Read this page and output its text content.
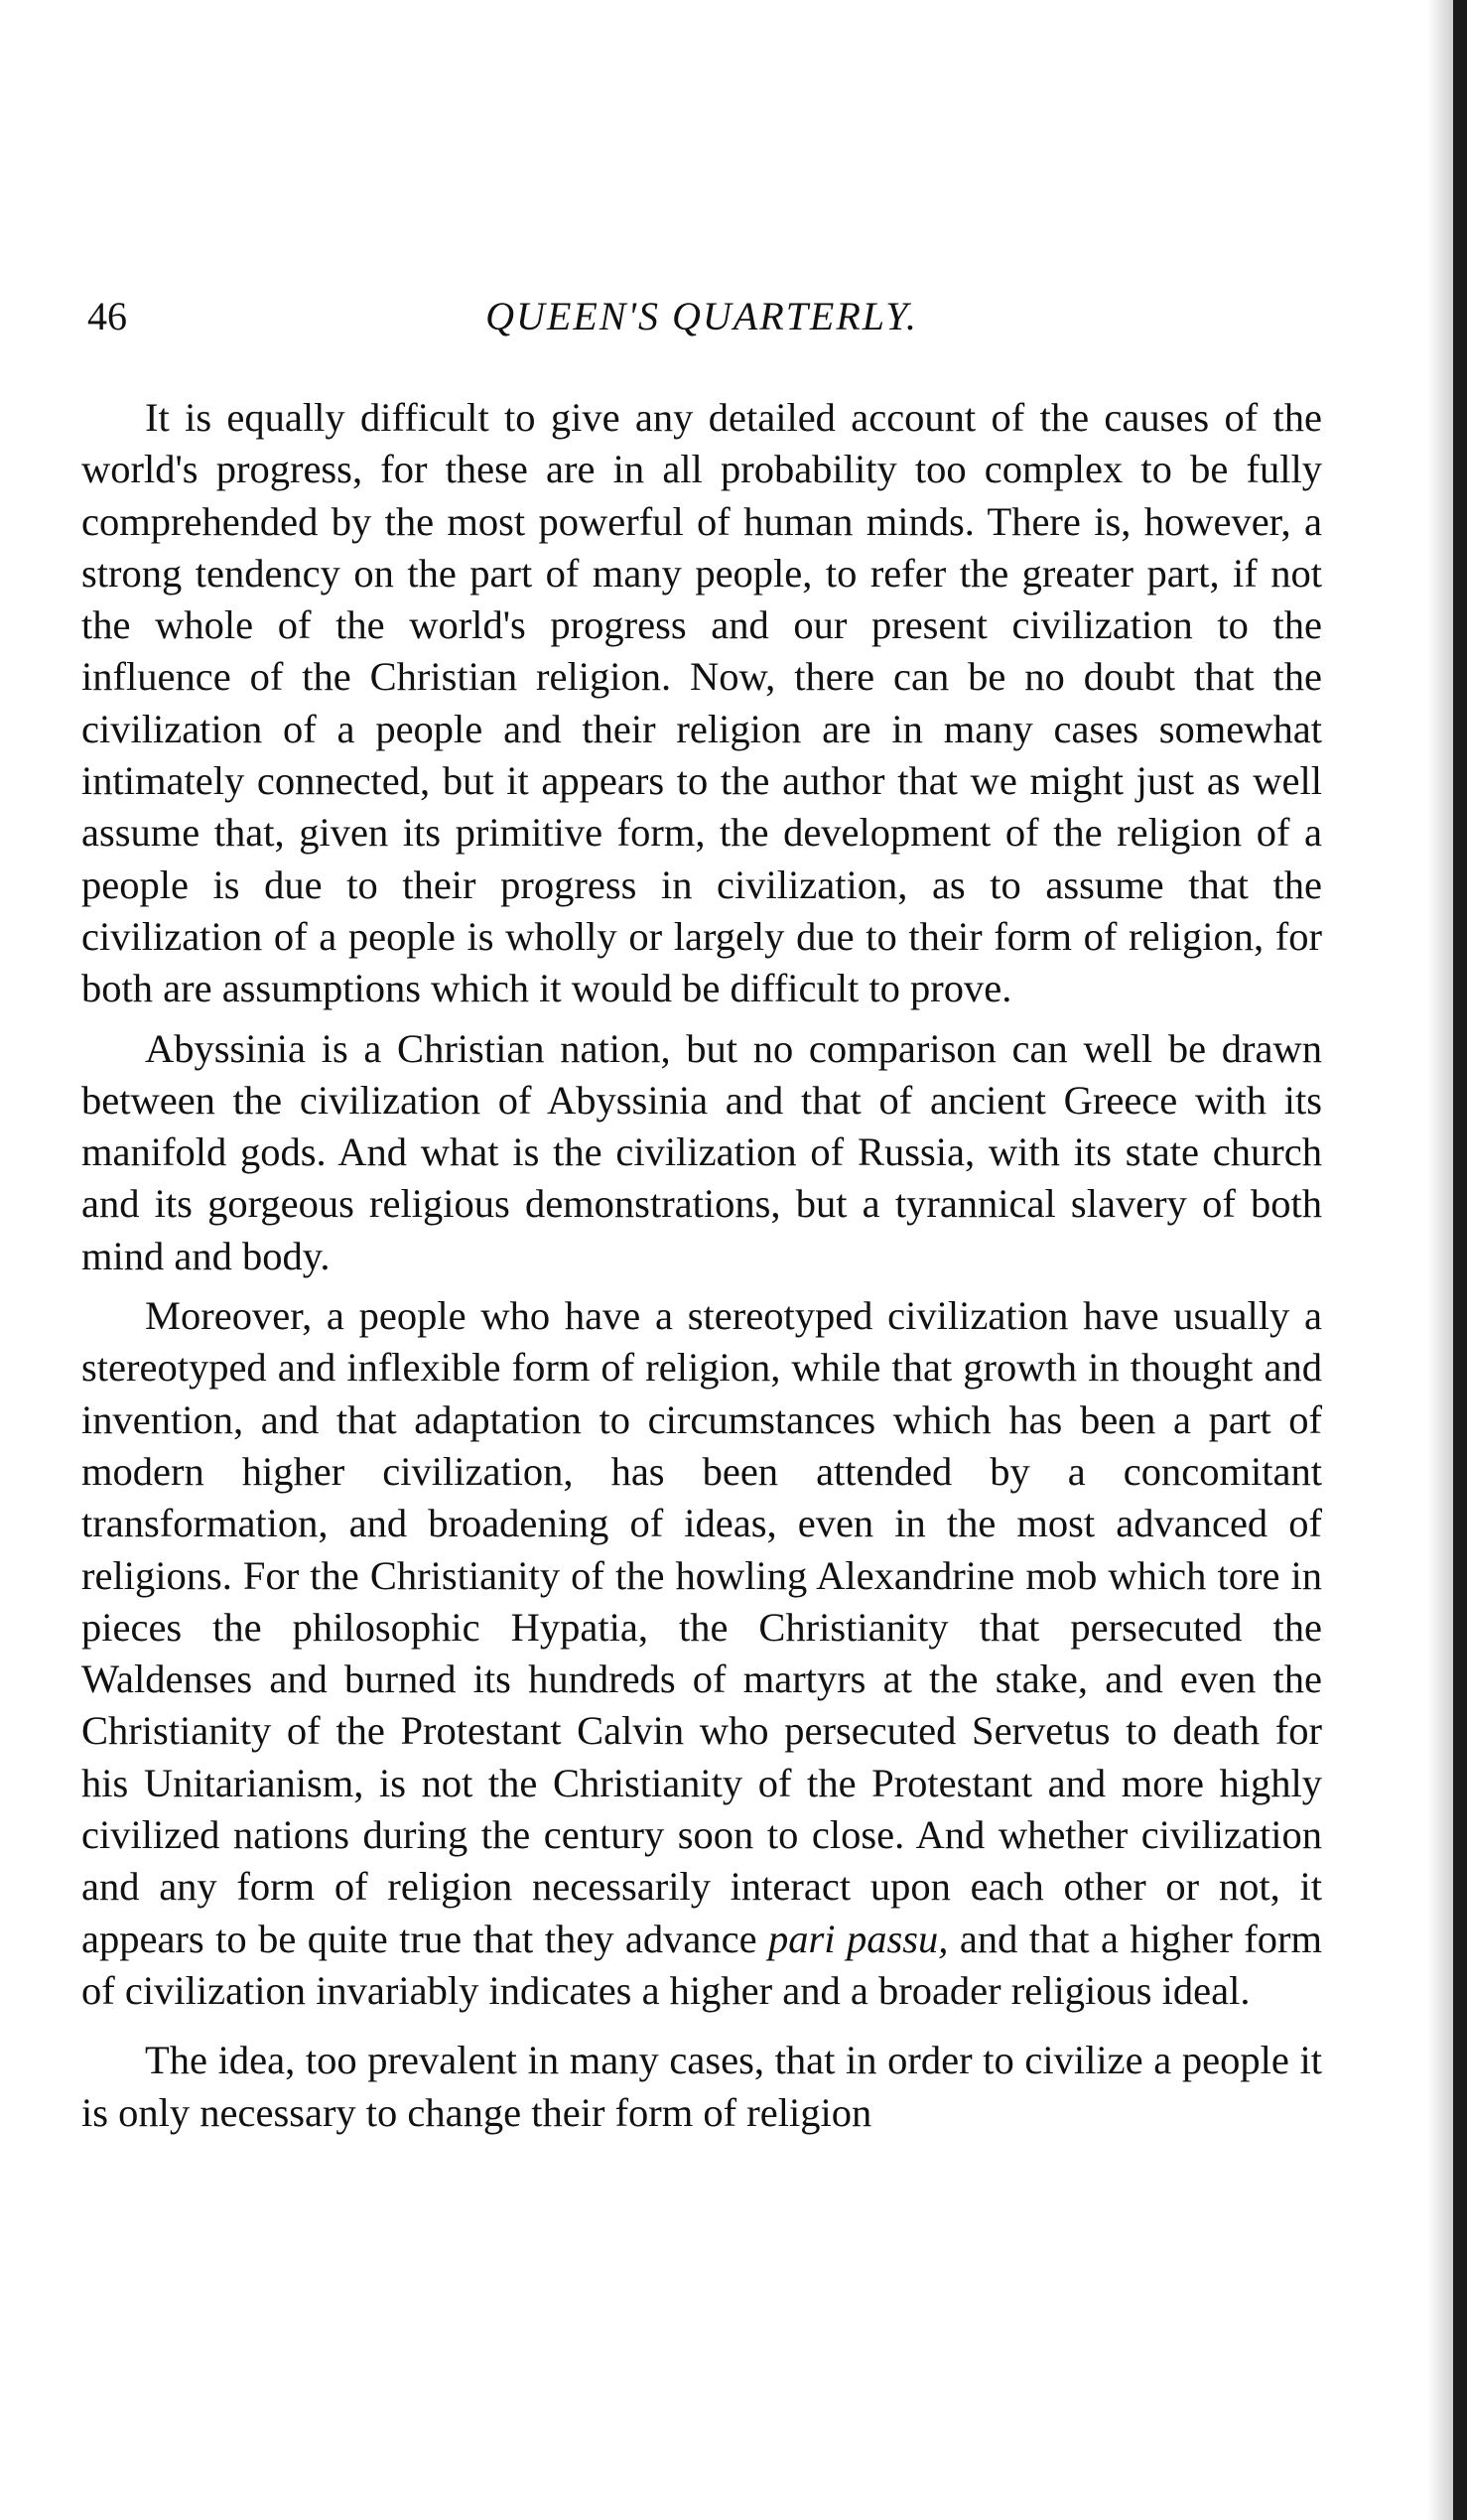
46	QUEEN'S QUARTERLY.

It is equally difficult to give any detailed account of the causes of the world's progress, for these are in all probability too complex to be fully comprehended by the most powerful of human minds. There is, however, a strong tendency on the part of many people, to refer the greater part, if not the whole of the world's progress and our present civilization to the influence of the Christian religion. Now, there can be no doubt that the civilization of a people and their religion are in many cases somewhat intimately connected, but it appears to the author that we might just as well assume that, given its primitive form, the development of the religion of a people is due to their progress in civilization, as to assume that the civilization of a people is wholly or largely due to their form of religion, for both are assumptions which it would be difficult to prove.

Abyssinia is a Christian nation, but no comparison can well be drawn between the civilization of Abyssinia and that of ancient Greece with its manifold gods. And what is the civilization of Russia, with its state church and its gorgeous religious demonstrations, but a tyrannical slavery of both mind and body.

Moreover, a people who have a stereotyped civilization have usually a stereotyped and inflexible form of religion, while that growth in thought and invention, and that adaptation to circumstances which has been a part of modern higher civilization, has been attended by a concomitant transformation, and broadening of ideas, even in the most advanced of religions. For the Christianity of the howling Alexandrine mob which tore in pieces the philosophic Hypatia, the Christianity that persecuted the Waldenses and burned its hundreds of martyrs at the stake, and even the Christianity of the Protestant Calvin who persecuted Servetus to death for his Unitarianism, is not the Christianity of the Protestant and more highly civilized nations during the century soon to close. And whether civilization and any form of religion necessarily interact upon each other or not, it appears to be quite true that they advance pari passu, and that a higher form of civilization invariably indicates a higher and a broader religious ideal.

The idea, too prevalent in many cases, that in order to civilize a people it is only necessary to change their form of religion
